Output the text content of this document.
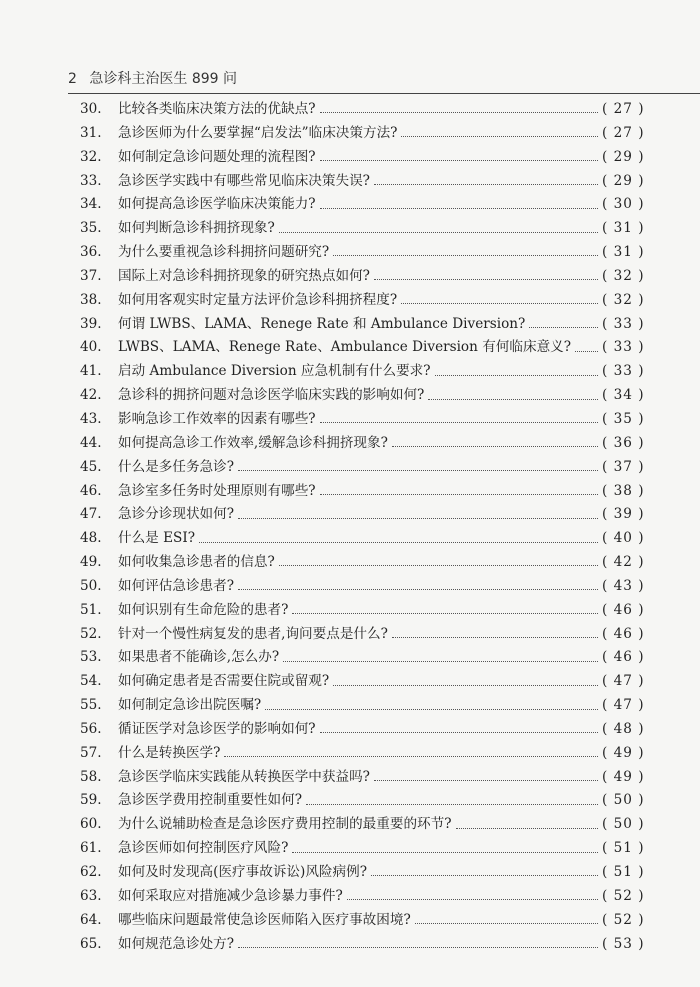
2 急诊科主治医生 899 问
30.	比较各类临床决策方法的优缺点?	( 27 )
31.	急诊医师为什么要掌握“启发法”临床决策方法?	( 27 )
32.	如何制定急诊问题处理的流程图?	( 29 )
33.	急诊医学实践中有哪些常见临床决策失误?	( 29 )
34.	如何提高急诊医学临床决策能力?	( 30 )
35.	如何判断急诊科拥挤现象?	( 31 )
36.	为什么要重视急诊科拥挤问题研究?	( 31 )
37.	国际上对急诊科拥挤现象的研究热点如何?	( 32 )
38.	如何用客观实时定量方法评价急诊科拥挤程度?	( 32 )
39.	何谓 LWBS、LAMA、Renege Rate 和 Ambulance Diversion?	( 33 )
40.	LWBS、LAMA、Renege Rate、Ambulance Diversion 有何临床意义? ( 33 )
41.	启动 Ambulance Diversion 应急机制有什么要求?	( 33 )
42.	急诊科的拥挤问题对急诊医学临床实践的影响如何?	( 34 )
43.	影响急诊工作效率的因素有哪些?	( 35 )
44.	如何提高急诊工作效率,缓解急诊科拥挤现象?	( 36 )
45.	什么是多任务急诊?	( 37 )
46.	急诊室多任务时处理原则有哪些?	( 38 )
47.	急诊分诊现状如何?	( 39 )
48.	什么是 ESI?	( 40 )
49.	如何收集急诊患者的信息?	( 42 )
50.	如何评估急诊患者?	( 43 )
51.	如何识别有生命危险的患者?	( 46 )
52.	针对一个慢性病复发的患者,询问要点是什么?	( 46 )
53.	如果患者不能确诊,怎么办?	( 46 )
54.	如何确定患者是否需要住院或留观?	( 47 )
55.	如何制定急诊出院医嘱?	( 47 )
56.	循证医学对急诊医学的影响如何?	( 48 )
57.	什么是转换医学?	( 49 )
58.	急诊医学临床实践能从转换医学中获益吗?	( 49 )
59.	急诊医学费用控制重要性如何?	( 50 )
60.	为什么说辅助检查是急诊医疗费用控制的最重要的环节?	( 50 )
61.	急诊医师如何控制医疗风险?	( 51 )
62.	如何及时发现高(医疗事故诉讼)风险病例?	( 51 )
63.	如何采取应对措施减少急诊暴力事件?	( 52 )
64.	哪些临床问题最常使急诊医师陷入医疗事故困境?	( 52 )
65.	如何规范急诊处方?	( 53 )
